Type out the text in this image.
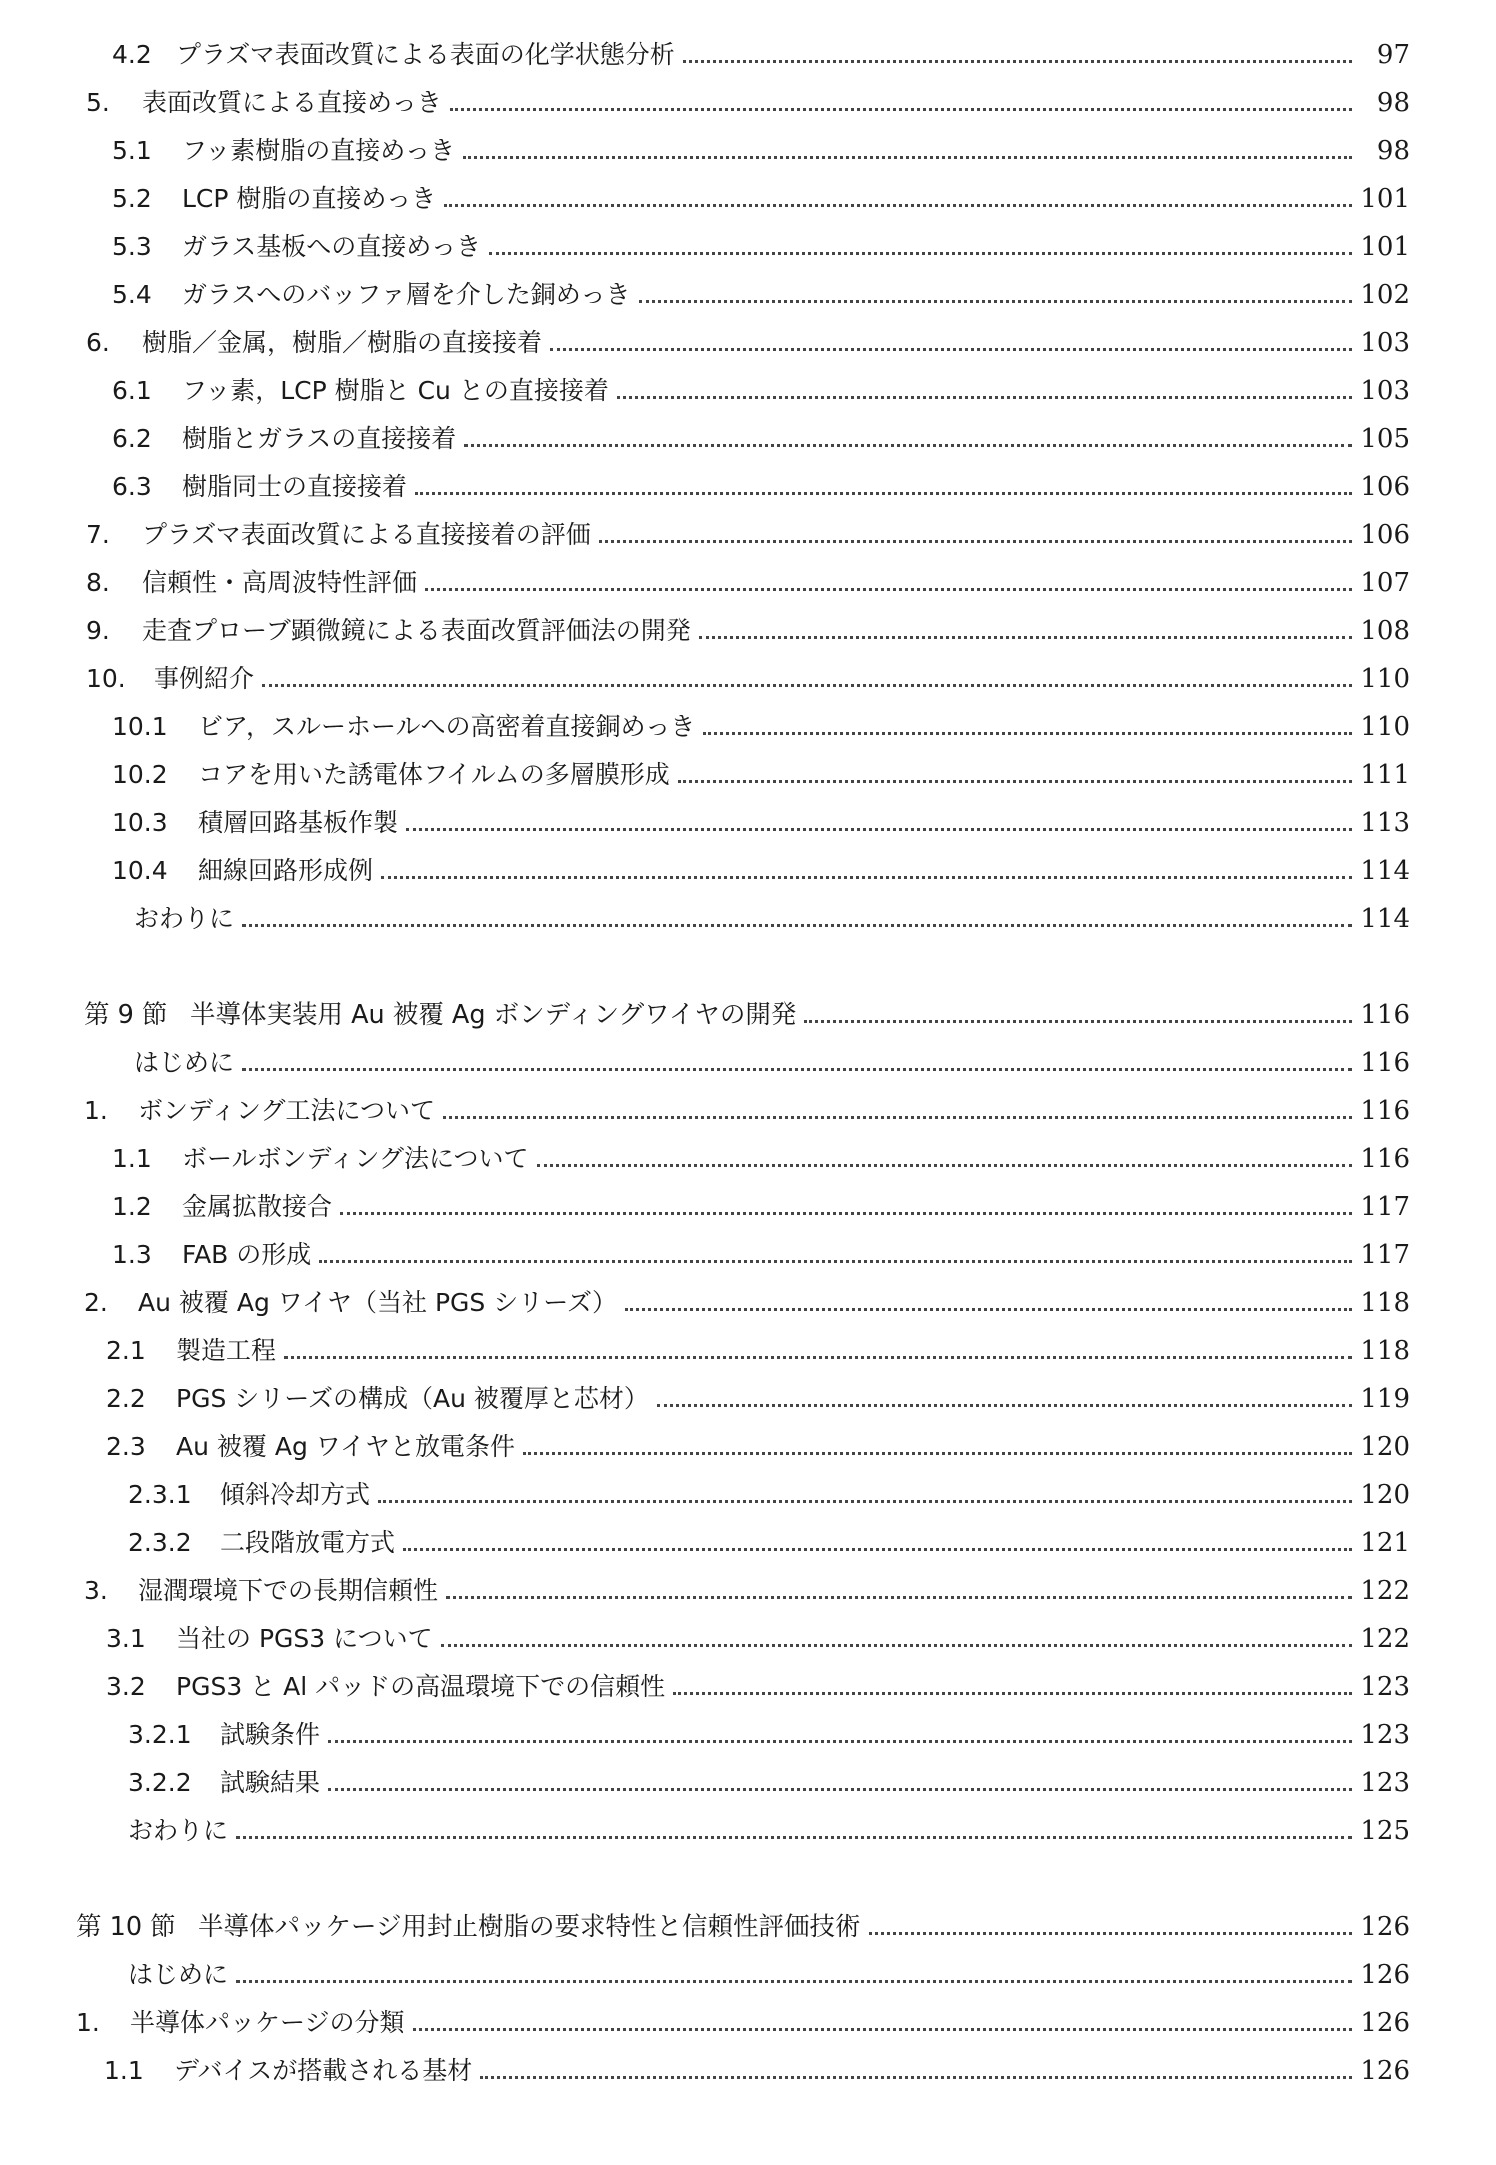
4.2 プラズマ表面改質による表面の化学状態分析	97
5.	表面改質による直接めっき	98
5.1	フッ素樹脂の直接めっき	98
5.2	LCP 樹脂の直接めっき	101
5.3	ガラス基板への直接めっき	101
5.4	ガラスへのバッファ層を介した銅めっき	102
6.	樹脂／金属，樹脂／樹脂の直接接着	103
6.1	フッ素，LCP 樹脂と Cu との直接接着	103
6.2	樹脂とガラスの直接接着	105
6.3	樹脂同士の直接接着	106
7.	プラズマ表面改質による直接接着の評価	106
8.	信頼性・高周波特性評価	107
9.	走査プローブ顕微鏡による表面改質評価法の開発	108
10.	事例紹介	110
10.1	ビア，スルーホールへの高密着直接銅めっき	110
10.2	コアを用いた誘電体フイルムの多層膜形成	111
10.3	積層回路基板作製	113
10.4	細線回路形成例	114
おわりに	114
第 9 節 半導体実装用 Au 被覆 Ag ボンディングワイヤの開発	116
はじめに	116
1.	ボンディング工法について	116
1.1	ボールボンディング法について	116
1.2	金属拡散接合	117
1.3	FAB の形成	117
2.	Au 被覆 Ag ワイヤ（当社 PGS シリーズ）	118
2.1	製造工程	118
2.2	PGS シリーズの構成（Au 被覆厚と芯材）	119
2.3	Au 被覆 Ag ワイヤと放電条件	120
2.3.1	傾斜冷却方式	120
2.3.2	二段階放電方式	121
3.	湿潤環境下での長期信頼性	122
3.1	当社の PGS3 について	122
3.2	PGS3 と Al パッドの高温環境下での信頼性	123
3.2.1	試験条件	123
3.2.2	試験結果	123
おわりに	125
第 10 節 半導体パッケージ用封止樹脂の要求特性と信頼性評価技術	126
はじめに	126
1.	半導体パッケージの分類	126
1.1	デバイスが搭載される基材	126
